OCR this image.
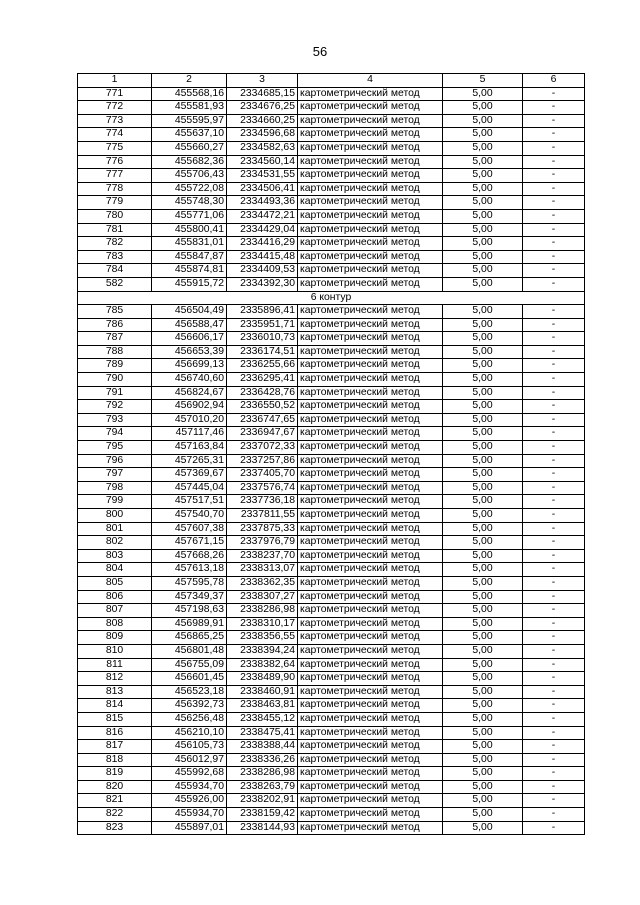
56
1	2	3	4	5	6
771	455568,16	2334685,15	картометрический метод	5,00	-
772	455581,93	2334676,25	картометрический метод	5,00	-
773	455595,97	2334660,25	картометрический метод	5,00	-
774	455637,10	2334596,68	картометрический метод	5,00	-
775	455660,27	2334582,63	картометрический метод	5,00	-
776	455682,36	2334560,14	картометрический метод	5,00	-
777	455706,43	2334531,55	картометрический метод	5,00	-
778	455722,08	2334506,41	картометрический метод	5,00	-
779	455748,30	2334493,36	картометрический метод	5,00	-
780	455771,06	2334472,21	картометрический метод	5,00	-
781	455800,41	2334429,04	картометрический метод	5,00	-
782	455831,01	2334416,29	картометрический метод	5,00	-
783	455847,87	2334415,48	картометрический метод	5,00	-
784	455874,81	2334409,53	картометрический метод	5,00	-
582	455915,72	2334392,30	картометрический метод	5,00	-
6 контур					
785	456504,49	2335896,41	картометрический метод	5,00	-
786	456588,47	2335951,71	картометрический метод	5,00	-
787	456606,17	2336010,73	картометрический метод	5,00	-
788	456653,39	2336174,51	картометрический метод	5,00	-
789	456699,13	2336255,66	картометрический метод	5,00	-
790	456740,60	2336295,41	картометрический метод	5,00	-
791	456824,67	2336428,76	картометрический метод	5,00	-
792	456902,94	2336550,52	картометрический метод	5,00	-
793	457010,20	2336747,65	картометрический метод	5,00	-
794	457117,46	2336947,67	картометрический метод	5,00	-
795	457163,84	2337072,33	картометрический метод	5,00	-
796	457265,31	2337257,86	картометрический метод	5,00	-
797	457369,67	2337405,70	картометрический метод	5,00	-
798	457445,04	2337576,74	картометрический метод	5,00	-
799	457517,51	2337736,18	картометрический метод	5,00	-
800	457540,70	2337811,55	картометрический метод	5,00	-
801	457607,38	2337875,33	картометрический метод	5,00	-
802	457671,15	2337976,79	картометрический метод	5,00	-
803	457668,26	2338237,70	картометрический метод	5,00	-
804	457613,18	2338313,07	картометрический метод	5,00	-
805	457595,78	2338362,35	картометрический метод	5,00	-
806	457349,37	2338307,27	картометрический метод	5,00	-
807	457198,63	2338286,98	картометрический метод	5,00	-
808	456989,91	2338310,17	картометрический метод	5,00	-
809	456865,25	2338356,55	картометрический метод	5,00	-
810	456801,48	2338394,24	картометрический метод	5,00	-
811	456755,09	2338382,64	картометрический метод	5,00	-
812	456601,45	2338489,90	картометрический метод	5,00	-
813	456523,18	2338460,91	картометрический метод	5,00	-
814	456392,73	2338463,81	картометрический метод	5,00	-
815	456256,48	2338455,12	картометрический метод	5,00	-
816	456210,10	2338475,41	картометрический метод	5,00	-
817	456105,73	2338388,44	картометрический метод	5,00	-
818	456012,97	2338336,26	картометрический метод	5,00	-
819	455992,68	2338286,98	картометрический метод	5,00	-
820	455934,70	2338263,79	картометрический метод	5,00	-
821	455926,00	2338202,91	картометрический метод	5,00	-
822	455934,70	2338159,42	картометрический метод	5,00	-
823	455897,01	2338144,93	картометрический метод	5,00	-
